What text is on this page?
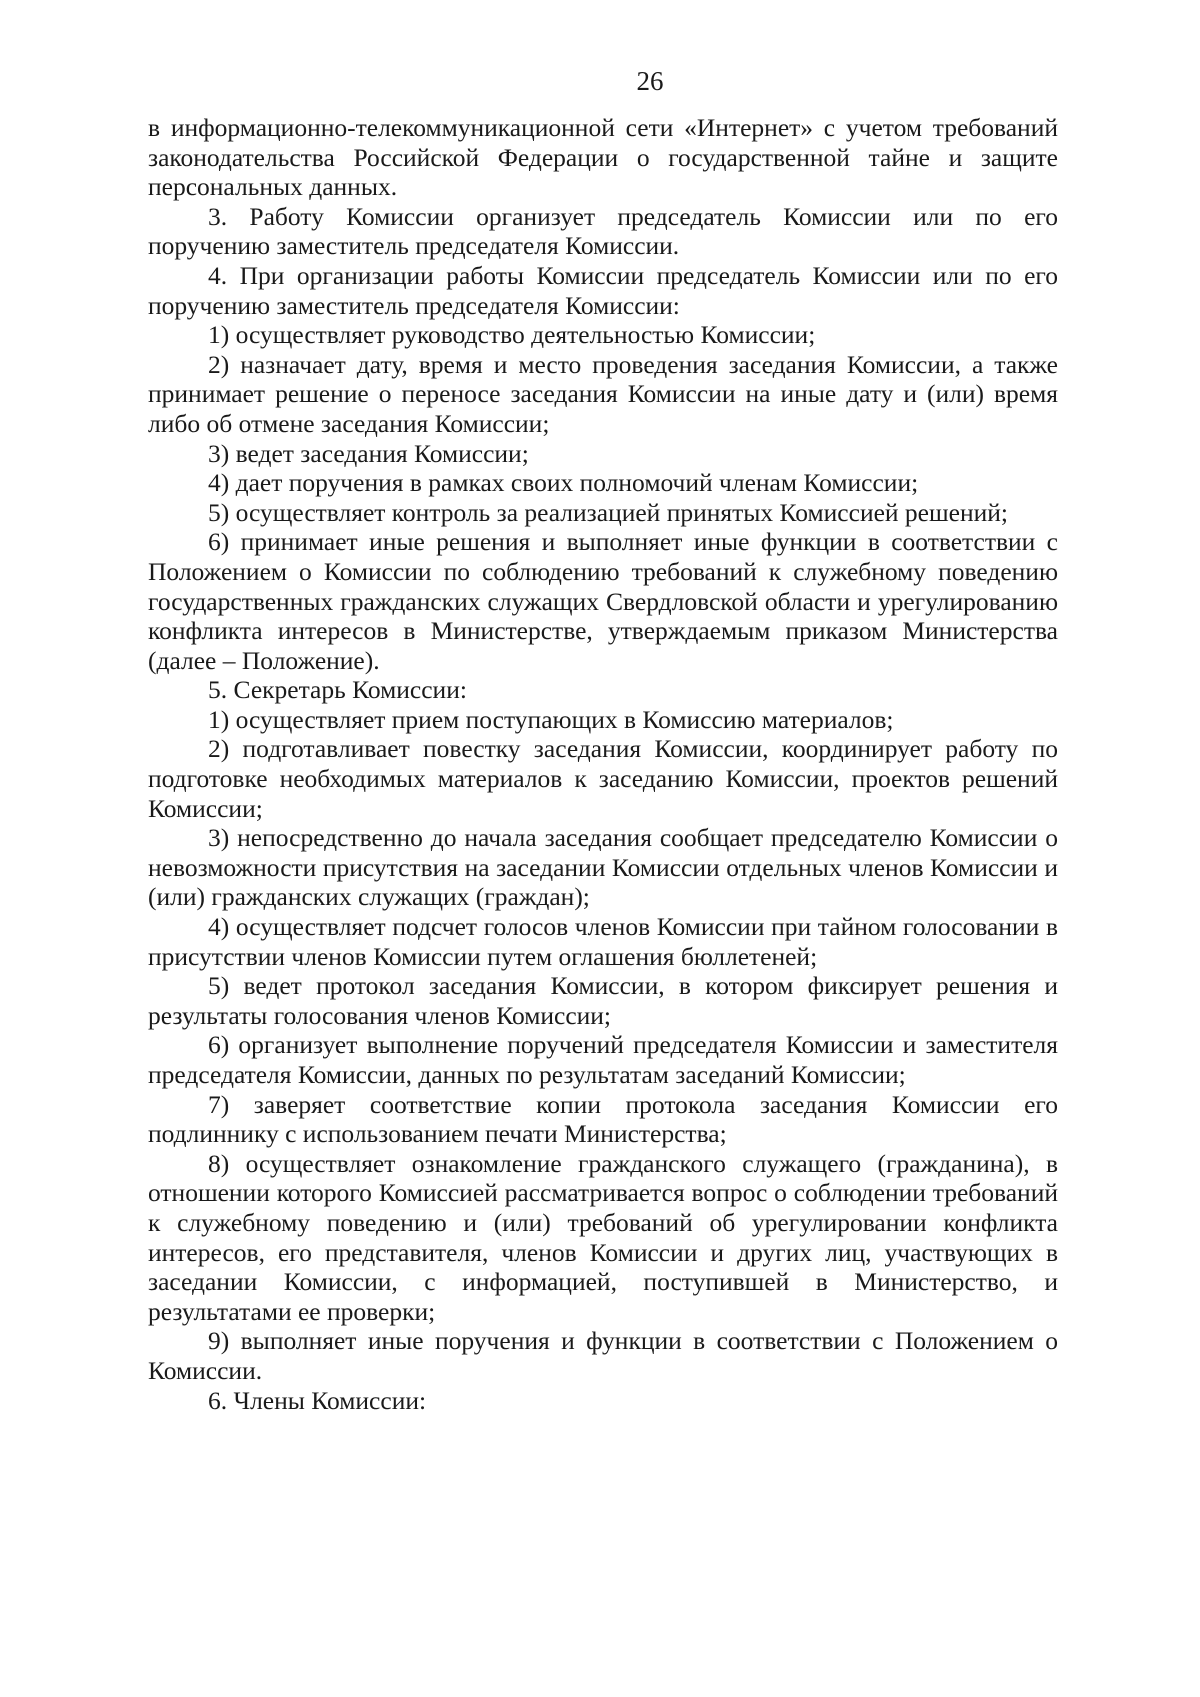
26

в информационно-телекоммуникационной сети «Интернет» с учетом требований законодательства Российской Федерации о государственной тайне и защите персональных данных.

3. Работу Комиссии организует председатель Комиссии или по его поручению заместитель председателя Комиссии.

4. При организации работы Комиссии председатель Комиссии или по его поручению заместитель председателя Комиссии:

1) осуществляет руководство деятельностью Комиссии;

2) назначает дату, время и место проведения заседания Комиссии, а также принимает решение о переносе заседания Комиссии на иные дату и (или) время либо об отмене заседания Комиссии;

3) ведет заседания Комиссии;

4) дает поручения в рамках своих полномочий членам Комиссии;

5) осуществляет контроль за реализацией принятых Комиссией решений;

6) принимает иные решения и выполняет иные функции в соответствии с Положением о Комиссии по соблюдению требований к служебному поведению государственных гражданских служащих Свердловской области и урегулированию конфликта интересов в Министерстве, утверждаемым приказом Министерства (далее – Положение).

5. Секретарь Комиссии:

1) осуществляет прием поступающих в Комиссию материалов;

2) подготавливает повестку заседания Комиссии, координирует работу по подготовке необходимых материалов к заседанию Комиссии, проектов решений Комиссии;

3) непосредственно до начала заседания сообщает председателю Комиссии о невозможности присутствия на заседании Комиссии отдельных членов Комиссии и (или) гражданских служащих (граждан);

4) осуществляет подсчет голосов членов Комиссии при тайном голосовании в присутствии членов Комиссии путем оглашения бюллетеней;

5) ведет протокол заседания Комиссии, в котором фиксирует решения и результаты голосования членов Комиссии;

6) организует выполнение поручений председателя Комиссии и заместителя председателя Комиссии, данных по результатам заседаний Комиссии;

7) заверяет соответствие копии протокола заседания Комиссии его подлиннику с использованием печати Министерства;

8) осуществляет ознакомление гражданского служащего (гражданина), в отношении которого Комиссией рассматривается вопрос о соблюдении требований к служебному поведению и (или) требований об урегулировании конфликта интересов, его представителя, членов Комиссии и других лиц, участвующих в заседании Комиссии, с информацией, поступившей в Министерство, и результатами ее проверки;

9) выполняет иные поручения и функции в соответствии с Положением о Комиссии.

6. Члены Комиссии:
